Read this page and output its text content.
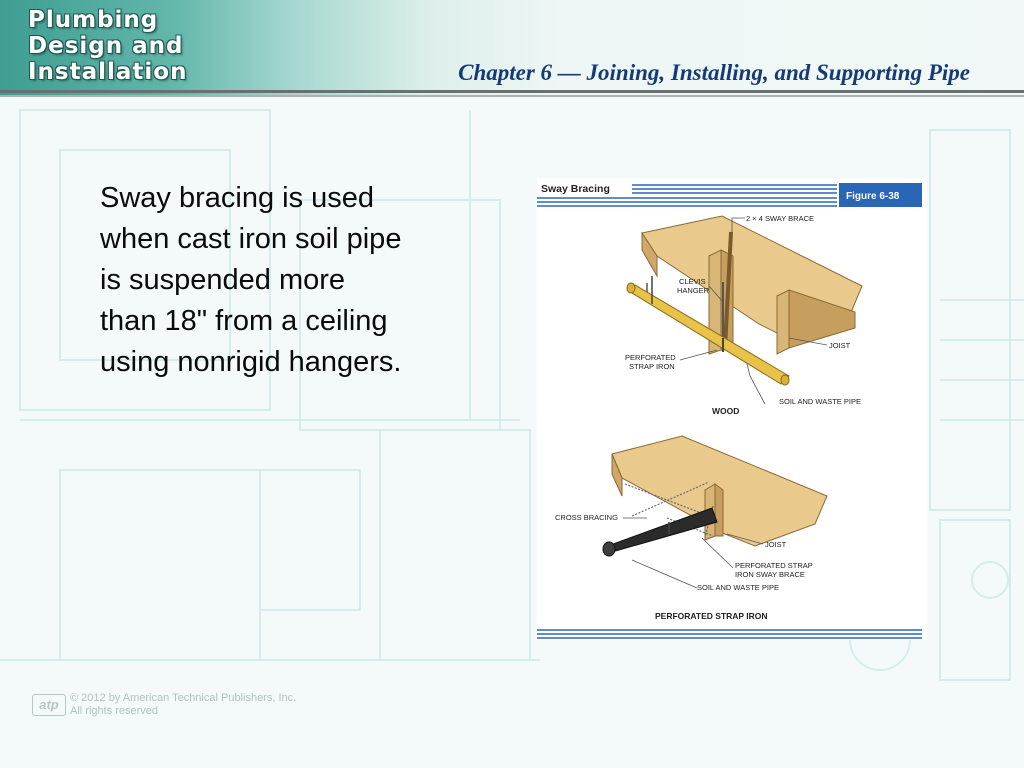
Plumbing
Design and
Installation	Chapter 6 — Joining, Installing, and Supporting Pipe
Sway bracing is used
when cast iron soil pipe
is suspended more
than 18" from a ceiling
using nonrigid hangers.
Sway Bracing
Figure 6-38
2 × 4 SWAY BRACE
CLEVIS
HANGER
JOIST
PERFORATED
STRAP IRON
SOIL AND WASTE PIPE
WOOD
CROSS BRACING
JOIST
PERFORATED STRAP
IRON SWAY BRACE
SOIL AND WASTE PIPE
PERFORATED STRAP IRON
atp	© 2012 by American Technical Publishers, Inc.
All rights reserved
